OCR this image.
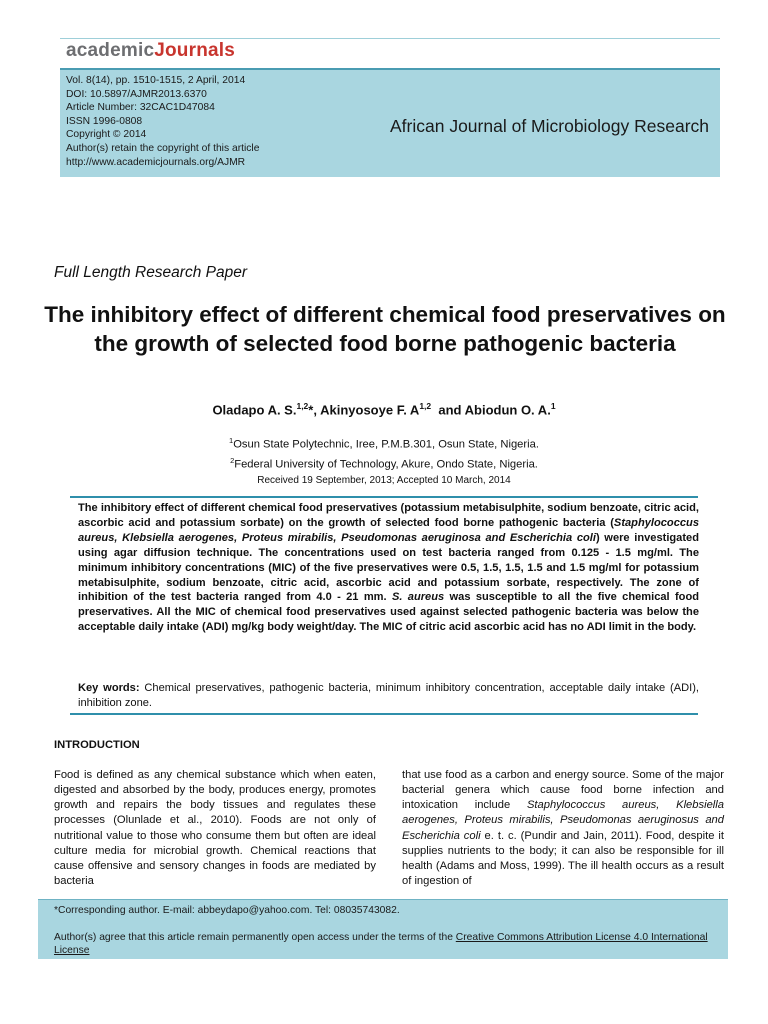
academicJournals
Vol. 8(14), pp. 1510-1515, 2 April, 2014
DOI: 10.5897/AJMR2013.6370
Article Number: 32CAC1D47084
ISSN 1996-0808
Copyright © 2014
Author(s) retain the copyright of this article
http://www.academicjournals.org/AJMR
African Journal of Microbiology Research
Full Length Research Paper
The inhibitory effect of different chemical food preservatives on the growth of selected food borne pathogenic bacteria
Oladapo A. S.$^{1,2}$*, Akinyosoye F. A$^{1,2}$ and Abiodun O. A.$^1$
$^1$Osun State Polytechnic, Iree, P.M.B.301, Osun State, Nigeria.
$^2$Federal University of Technology, Akure, Ondo State, Nigeria.
Received 19 September, 2013; Accepted 10 March, 2014
The inhibitory effect of different chemical food preservatives (potassium metabisulphite, sodium benzoate, citric acid, ascorbic acid and potassium sorbate) on the growth of selected food borne pathogenic bacteria (Staphylococcus aureus, Klebsiella aerogenes, Proteus mirabilis, Pseudomonas aeruginosa and Escherichia coli) were investigated using agar diffusion technique. The concentrations used on test bacteria ranged from 0.125 - 1.5 mg/ml. The minimum inhibitory concentrations (MIC) of the five preservatives were 0.5, 1.5, 1.5, 1.5 and 1.5 mg/ml for potassium metabisulphite, sodium benzoate, citric acid, ascorbic acid and potassium sorbate, respectively. The zone of inhibition of the test bacteria ranged from 4.0 - 21 mm. S. aureus was susceptible to all the five chemical food preservatives. All the MIC of chemical food preservatives used against selected pathogenic bacteria was below the acceptable daily intake (ADI) mg/kg body weight/day. The MIC of citric acid ascorbic acid has no ADI limit in the body.
Key words: Chemical preservatives, pathogenic bacteria, minimum inhibitory concentration, acceptable daily intake (ADI), inhibition zone.
INTRODUCTION
Food is defined as any chemical substance which when eaten, digested and absorbed by the body, produces energy, promotes growth and repairs the body tissues and regulates these processes (Olunlade et al., 2010). Foods are not only of nutritional value to those who consume them but often are ideal culture media for microbial growth. Chemical reactions that cause offensive and sensory changes in foods are mediated by bacteria
that use food as a carbon and energy source. Some of the major bacterial genera which cause food borne infection and intoxication include Staphylococcus aureus, Klebsiella aerogenes, Proteus mirabilis, Pseudomonas aeruginosus and Escherichia coli e. t. c. (Pundir and Jain, 2011). Food, despite it supplies nutrients to the body; it can also be responsible for ill health (Adams and Moss, 1999). The ill health occurs as a result of ingestion of
*Corresponding author. E-mail: abbeydapo@yahoo.com. Tel: 08035743082.
Author(s) agree that this article remain permanently open access under the terms of the Creative Commons Attribution License 4.0 International License
